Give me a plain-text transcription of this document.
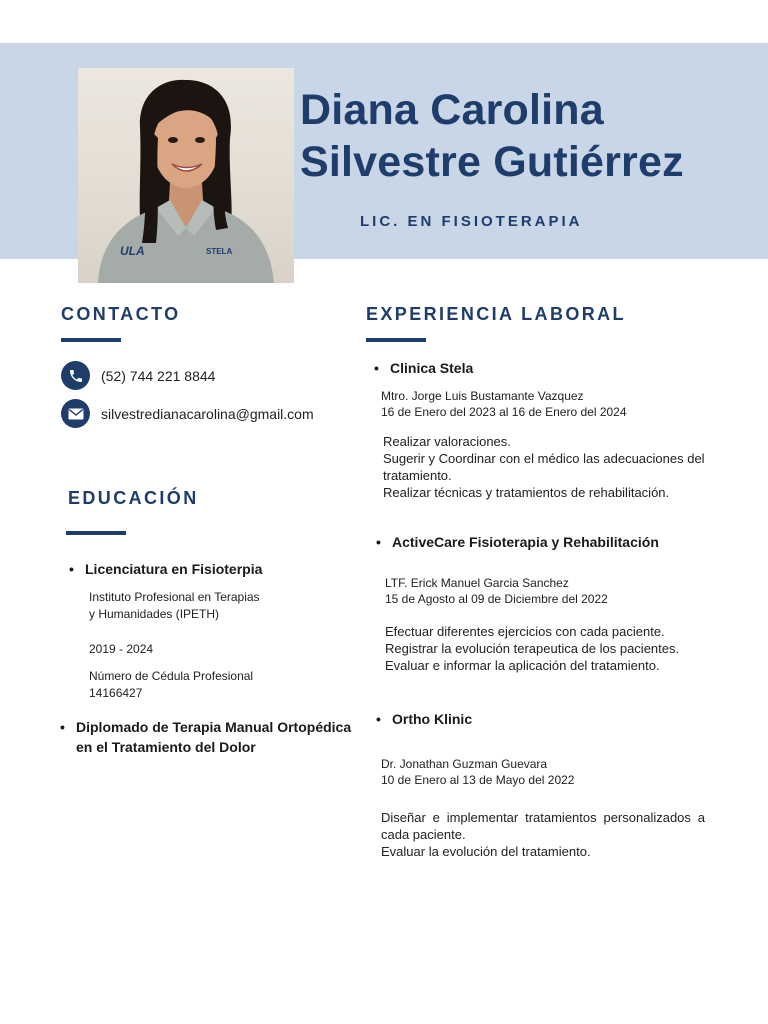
ULA	STELA
Diana Carolina
Silvestre Gutiérrez
LIC. EN FISIOTERAPIA
CONTACTO
(52) 744 221 8844
silvestredianacarolina@gmail.com
EDUCACIÓN
• Licenciatura en Fisioterpia
Instituto Profesional en Terapias
y Humanidades (IPETH)
2019 - 2024
Número de Cédula Profesional
14166427
• Diplomado de Terapia Manual Ortopédica
en el Tratamiento del Dolor
EXPERIENCIA LABORAL
• Clinica Stela
Mtro. Jorge Luis Bustamante Vazquez
16 de Enero del 2023 al 16 de Enero del 2024
Realizar valoraciones.
Sugerir y Coordinar con el médico las adecuaciones del
tratamiento.
Realizar técnicas y tratamientos de rehabilitación.
• ActiveCare Fisioterapia y Rehabilitación
LTF. Erick Manuel Garcia Sanchez
15 de Agosto al 09 de Diciembre del 2022
Efectuar diferentes ejercicios con cada paciente.
Registrar la evolución terapeutica de los pacientes.
Evaluar e informar la aplicación del tratamiento.
• Ortho Klinic
Dr. Jonathan Guzman Guevara
10 de Enero al 13 de Mayo del 2022
Diseñar e implementar tratamientos personalizados a
cada paciente.
Evaluar la evolución del tratamiento.
